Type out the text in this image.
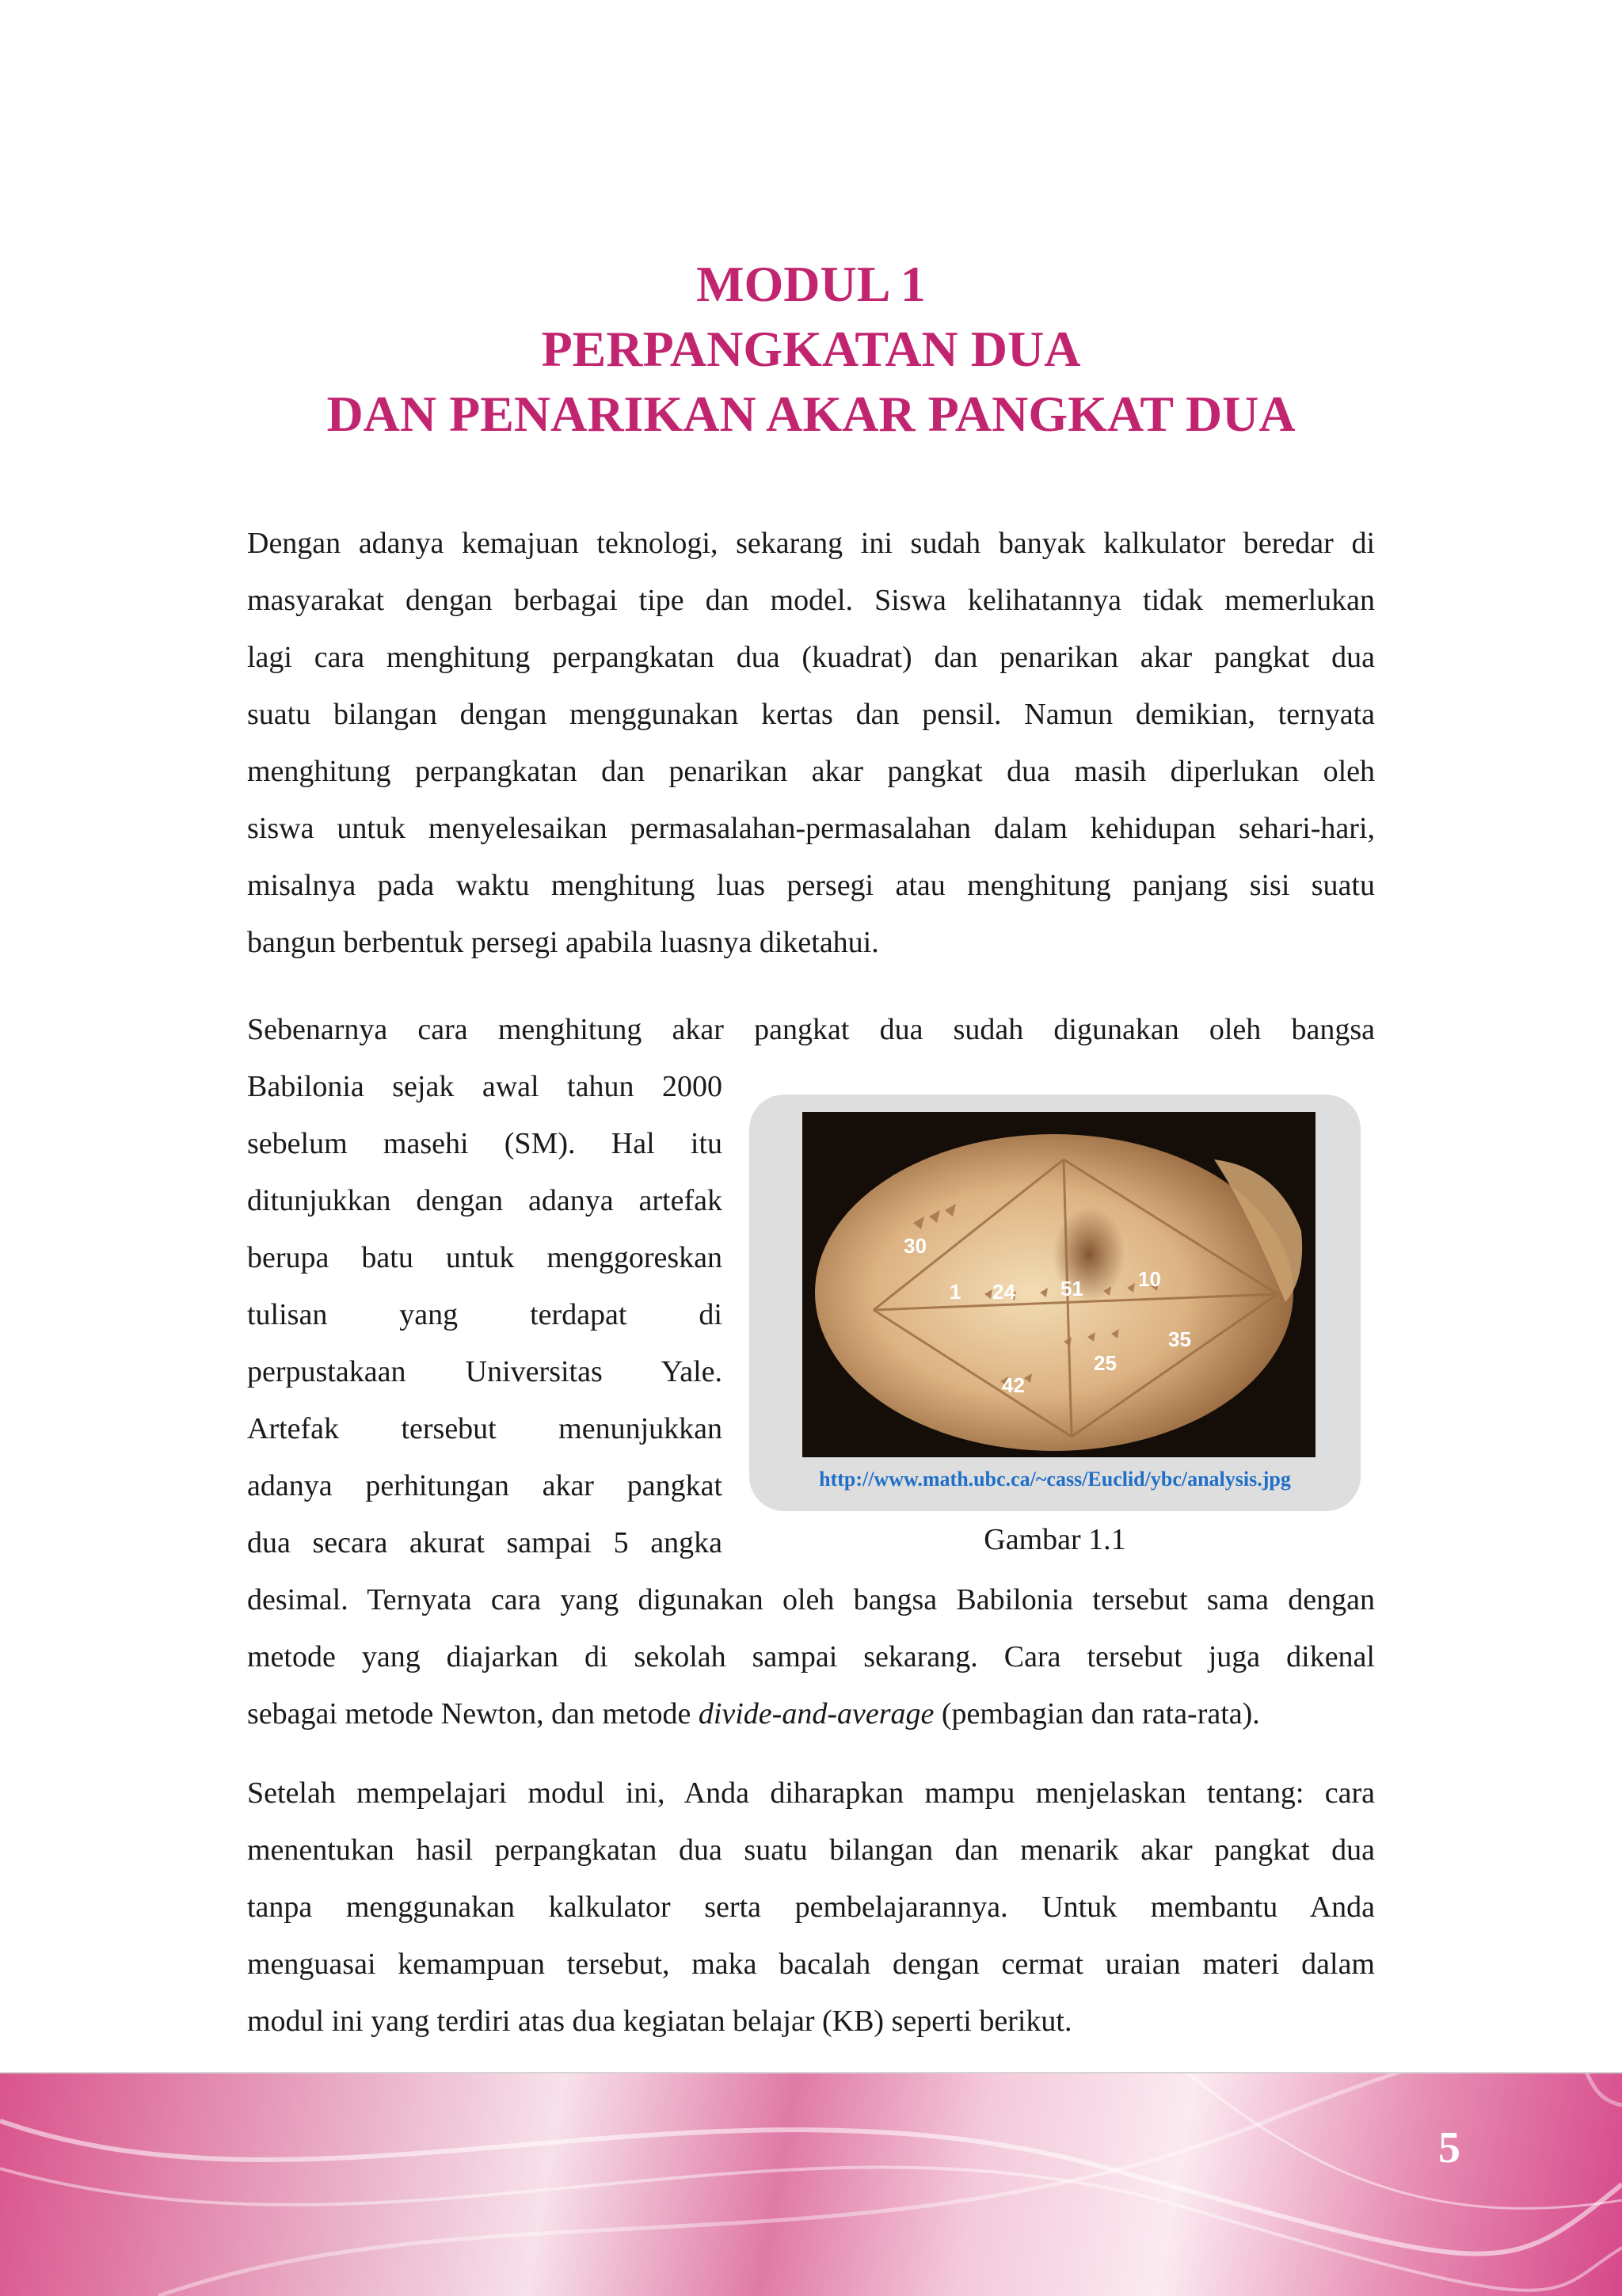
MODUL 1
PERPANGKATAN DUA
DAN PENARIKAN AKAR PANGKAT DUA
Dengan adanya kemajuan teknologi, sekarang ini sudah banyak kalkulator beredar di
masyarakat dengan berbagai tipe dan model. Siswa kelihatannya tidak memerlukan
lagi cara menghitung perpangkatan dua (kuadrat) dan penarikan akar pangkat dua
suatu bilangan dengan menggunakan kertas dan pensil. Namun demikian, ternyata
menghitung perpangkatan dan penarikan akar pangkat dua masih diperlukan oleh
siswa untuk menyelesaikan permasalahan-permasalahan dalam kehidupan sehari-hari,
misalnya pada waktu menghitung luas persegi atau menghitung panjang sisi suatu
bangun berbentuk persegi apabila luasnya diketahui.
Sebenarnya cara menghitung akar pangkat dua sudah digunakan oleh bangsa
Babilonia sejak awal tahun 2000
sebelum masehi (SM). Hal itu
ditunjukkan dengan adanya artefak
berupa batu untuk menggoreskan
tulisan yang terdapat di
perpustakaan Universitas Yale.
Artefak tersebut menunjukkan
adanya perhitungan akar pangkat
dua secara akurat sampai 5 angka
30
1 24 51	10
35
25
42
http://www.math.ubc.ca/~cass/Euclid/ybc/analysis.jpg
Gambar 1.1
desimal. Ternyata cara yang digunakan oleh bangsa Babilonia tersebut sama dengan
metode yang diajarkan di sekolah sampai sekarang. Cara tersebut juga dikenal
sebagai metode Newton, dan metode divide-and-average (pembagian dan rata-rata).
Setelah mempelajari modul ini, Anda diharapkan mampu menjelaskan tentang: cara
menentukan hasil perpangkatan dua suatu bilangan dan menarik akar pangkat dua
tanpa menggunakan kalkulator serta pembelajarannya. Untuk membantu Anda
menguasai kemampuan tersebut, maka bacalah dengan cermat uraian materi dalam
modul ini yang terdiri atas dua kegiatan belajar (KB) seperti berikut.
5
